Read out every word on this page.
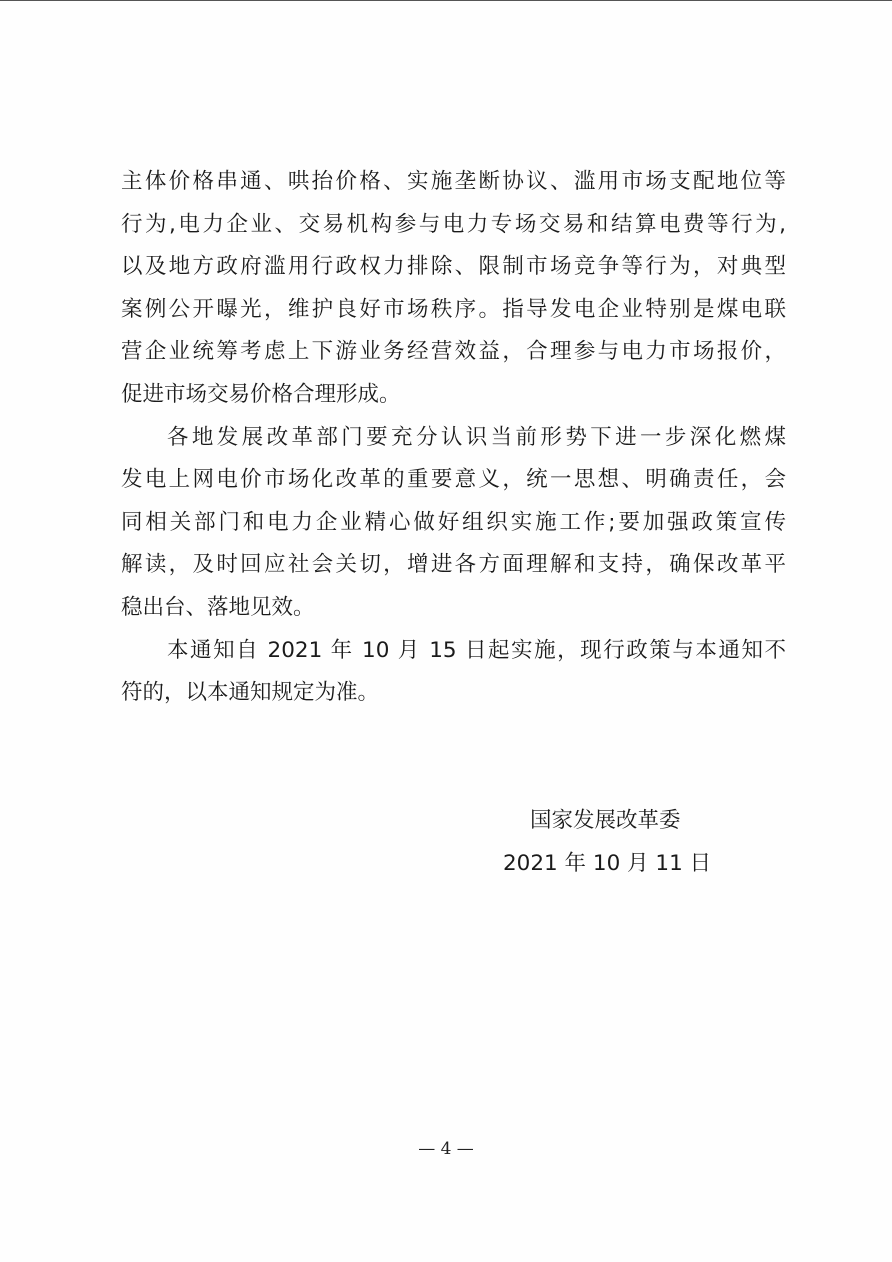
主体价格串通、哄抬价格、实施垄断协议、滥用市场支配地位等
行为,电力企业、交易机构参与电力专场交易和结算电费等行为,
以及地方政府滥用行政权力排除、限制市场竞争等行为，对典型
案例公开曝光，维护良好市场秩序。指导发电企业特别是煤电联
营企业统筹考虑上下游业务经营效益，合理参与电力市场报价，
促进市场交易价格合理形成。
各地发展改革部门要充分认识当前形势下进一步深化燃煤
发电上网电价市场化改革的重要意义，统一思想、明确责任，会
同相关部门和电力企业精心做好组织实施工作;要加强政策宣传
解读，及时回应社会关切，增进各方面理解和支持，确保改革平
稳出台、落地见效。
本通知自 2021 年 10 月 15 日起实施，现行政策与本通知不
符的，以本通知规定为准。
国家发展改革委
2021 年 10 月 11 日
— 4 —
